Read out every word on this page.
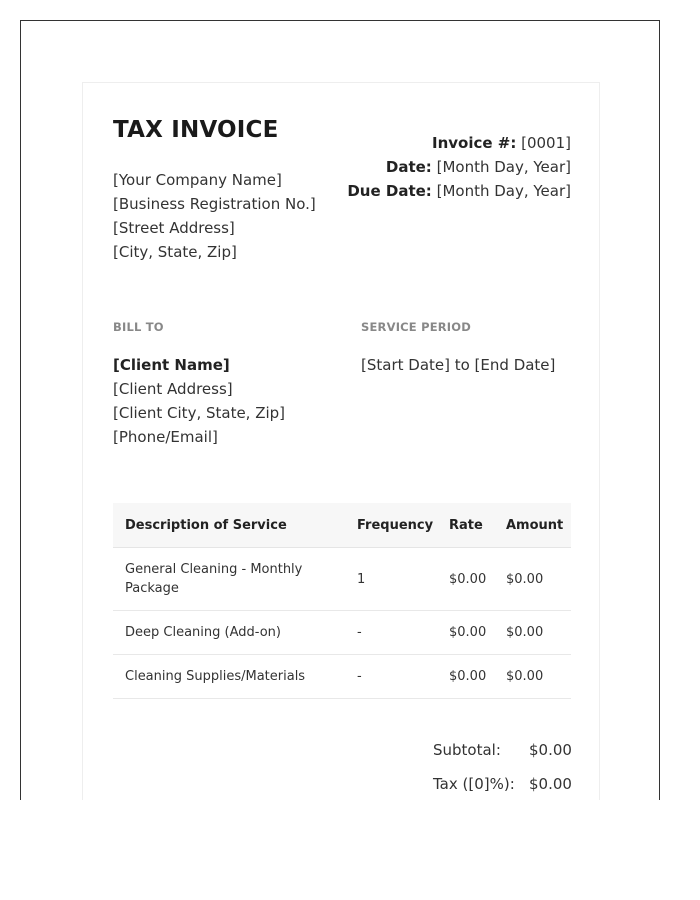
TAX INVOICE
[Your Company Name]
[Business Registration No.]
[Street Address]
[City, State, Zip]
Invoice #: [0001]
Date: [Month Day, Year]
Due Date: [Month Day, Year]
BILL TO	SERVICE PERIOD
[Client Name]
[Client Address]
[Client City, State, Zip]
[Phone/Email]
[Start Date] to [End Date]
Description of Service	Frequency	Rate	Amount
General Cleaning - Monthly Package	1	$0.00	$0.00
Deep Cleaning (Add-on)	-	$0.00	$0.00
Cleaning Supplies/Materials	-	$0.00	$0.00
Subtotal:	$0.00
Tax ([0]%): $0.00
